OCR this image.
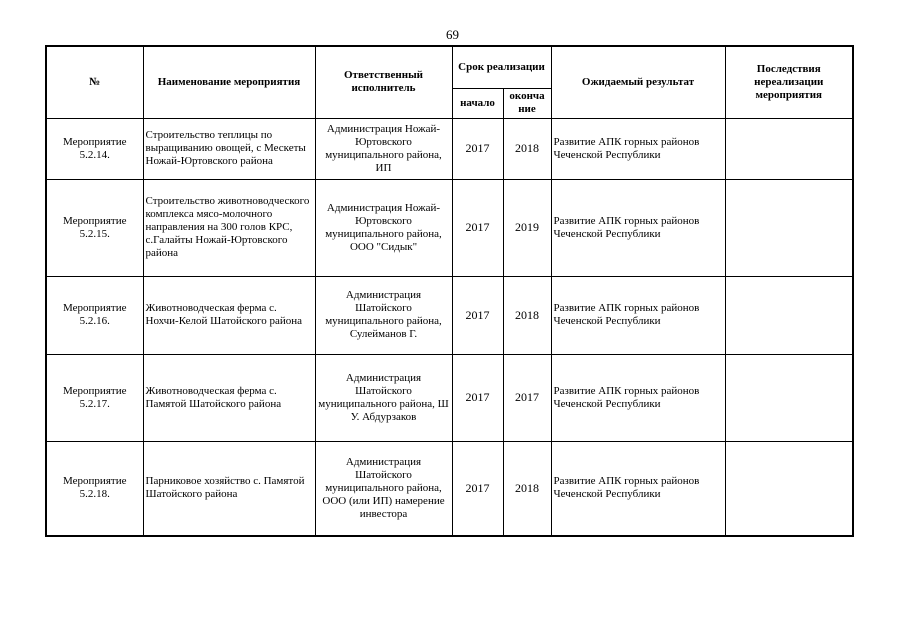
69
№	Наименование мероприятия	Ответственный исполнитель	Срок реализации		Ожидаемый результат	Последствия нереализации мероприятия
			начало	оконча ние		
Мероприятие 5.2.14.	Строительство теплицы по выращиванию овощей, с Мескеты Ножай-Юртовского района	Администрация Ножай-Юртовского муниципального района, ИП	2017	2018	Развитие АПК горных районов Чеченской Республики	
Мероприятие 5.2.15.	Строительство животноводческого комплекса мясо-молочного направления на 300 голов КРС, с.Галайты Ножай-Юртовского района	Администрация Ножай-Юртовского муниципального района, ООО "Сидык"	2017	2019	Развитие АПК горных районов Чеченской Республики	
Мероприятие 5.2.16.	Животноводческая ферма с. Нохчи-Келой Шатойского района	Администрация Шатойского муниципального района, Сулейманов Г.	2017	2018	Развитие АПК горных районов Чеченской Республики	
Мероприятие 5.2.17.	Животноводческая ферма с. Памятой Шатойского района	Администрация Шатойского муниципального района, Ш У. Абдурзаков	2017	2017	Развитие АПК горных районов Чеченской Республики	
Мероприятие 5.2.18.	Парниковое хозяйство с. Памятой Шатойского района	Администрация Шатойского муниципального района, ООО (или ИП) намерение инвестора	2017	2018	Развитие АПК горных районов Чеченской Республики	
